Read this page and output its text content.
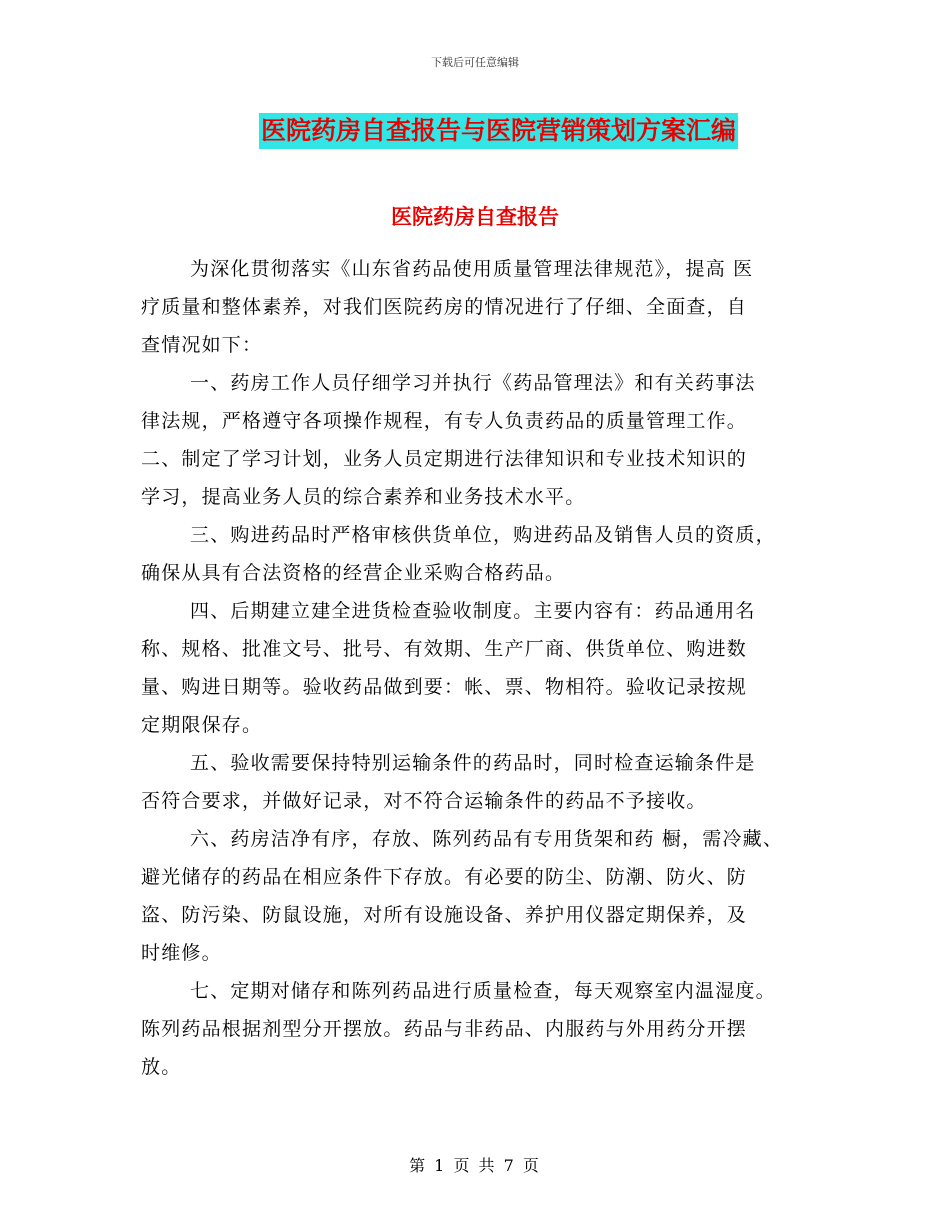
下载后可任意编辑
医院药房自查报告与医院营销策划方案汇编
医院药房自查报告
为深化贯彻落实《山东省药品使用质量管理法律规范》，提高 医
疗质量和整体素养，对我们医院药房的情况进行了仔细、全面查，自
查情况如下：
一、药房工作人员仔细学习并执行《药品管理法》和有关药事法
律法规，严格遵守各项操作规程，有专人负责药品的质量管理工作。
二、制定了学习计划，业务人员定期进行法律知识和专业技术知识的
学习，提高业务人员的综合素养和业务技术水平。
三、购进药品时严格审核供货单位，购进药品及销售人员的资质，
确保从具有合法资格的经营企业采购合格药品。
四、后期建立建全进货检查验收制度。主要内容有：药品通用名
称、规格、批准文号、批号、有效期、生产厂商、供货单位、购进数
量、购进日期等。验收药品做到要：帐、票、物相符。验收记录按规
定期限保存。
五、验收需要保持特别运输条件的药品时，同时检查运输条件是
否符合要求，并做好记录，对不符合运输条件的药品不予接收。
六、药房洁净有序，存放、陈列药品有专用货架和药 橱，需冷藏、
避光储存的药品在相应条件下存放。有必要的防尘、防潮、防火、防
盗、防污染、防鼠设施，对所有设施设备、养护用仪器定期保养，及
时维修。
七、定期对储存和陈列药品进行质量检查，每天观察室内温湿度。
陈列药品根据剂型分开摆放。药品与非药品、内服药与外用药分开摆
放。
第 1 页 共 7 页
